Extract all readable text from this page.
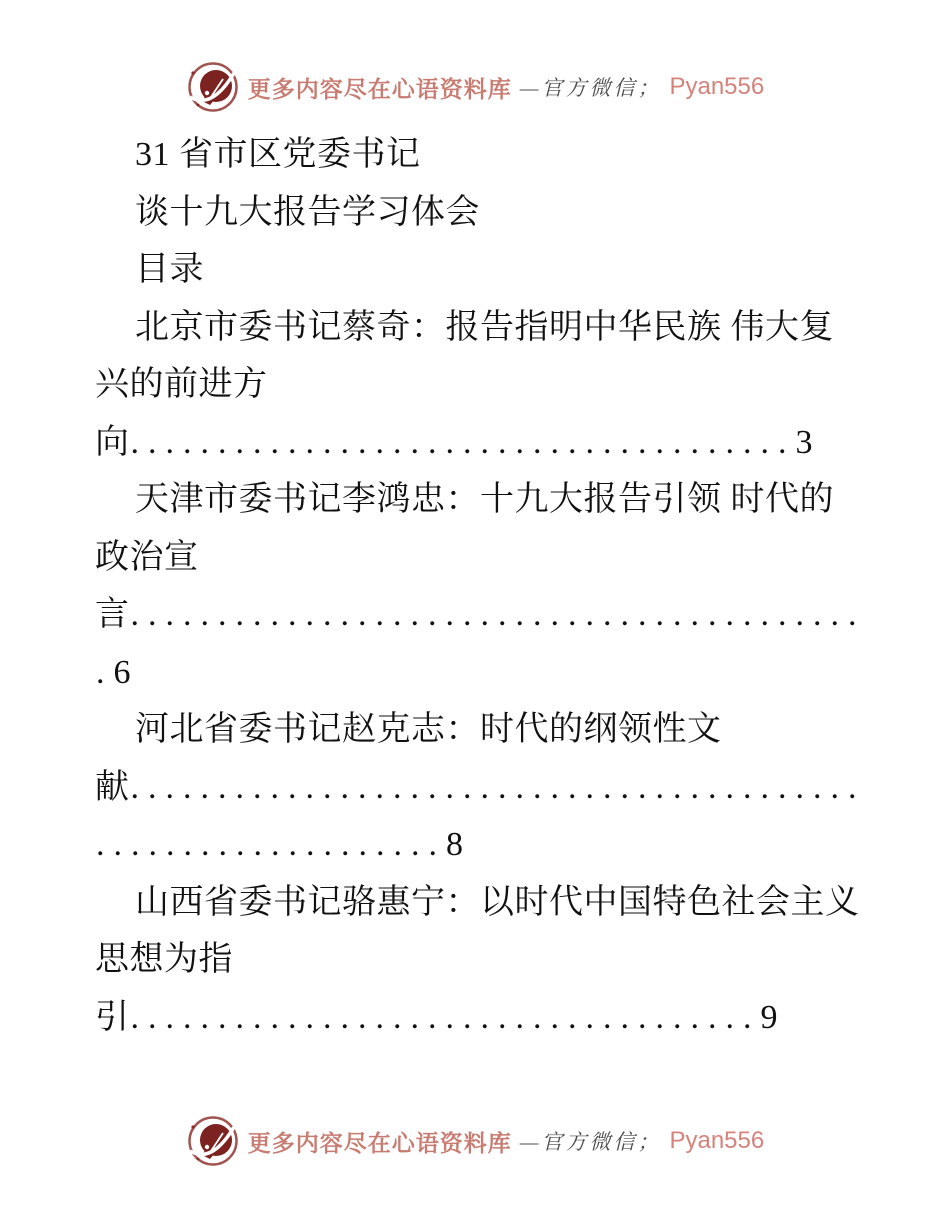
更多内容尽在心语资料库 —官方微信； Pyan556
31 省市区党委书记
谈十九大报告学习体会
目录
北京市委书记蔡奇：报告指明中华民族 伟大复
兴的前进方
向......................................3
天津市委书记李鸿忠：十九大报告引领 时代的
政治宣
言..........................................
.6
河北省委书记赵克志：时代的纲领性文
献..........................................
....................8
山西省委书记骆惠宁：以时代中国特色社会主义
思想为指
引....................................9
更多内容尽在心语资料库 —官方微信； Pyan556
